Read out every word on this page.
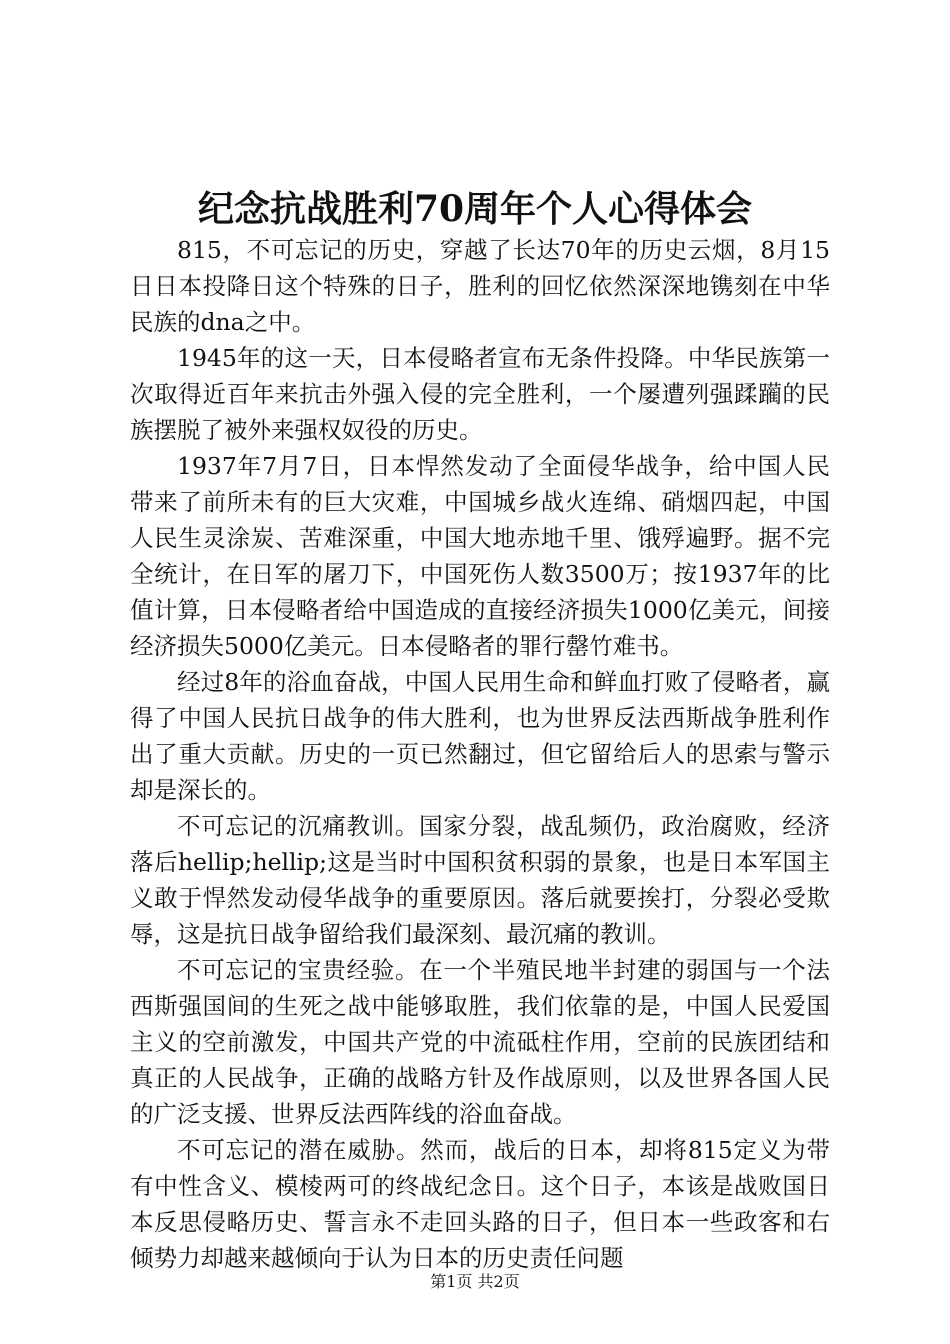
纪念抗战胜利70周年个人心得体会

815，不可忘记的历史，穿越了长达70年的历史云烟，8月15日日本投降日这个特殊的日子，胜利的回忆依然深深地镌刻在中华民族的dna之中。

1945年的这一天，日本侵略者宣布无条件投降。中华民族第一次取得近百年来抗击外强入侵的完全胜利，一个屡遭列强蹂躏的民族摆脱了被外来强权奴役的历史。

1937年7月7日，日本悍然发动了全面侵华战争，给中国人民带来了前所未有的巨大灾难，中国城乡战火连绵、硝烟四起，中国人民生灵涂炭、苦难深重，中国大地赤地千里、饿殍遍野。据不完全统计，在日军的屠刀下，中国死伤人数3500万；按1937年的比值计算，日本侵略者给中国造成的直接经济损失1000亿美元，间接经济损失5000亿美元。日本侵略者的罪行罄竹难书。

经过8年的浴血奋战，中国人民用生命和鲜血打败了侵略者，赢得了中国人民抗日战争的伟大胜利，也为世界反法西斯战争胜利作出了重大贡献。历史的一页已然翻过，但它留给后人的思索与警示却是深长的。

不可忘记的沉痛教训。国家分裂，战乱频仍，政治腐败，经济落后hellip;hellip;这是当时中国积贫积弱的景象，也是日本军国主义敢于悍然发动侵华战争的重要原因。落后就要挨打，分裂必受欺辱，这是抗日战争留给我们最深刻、最沉痛的教训。

不可忘记的宝贵经验。在一个半殖民地半封建的弱国与一个法西斯强国间的生死之战中能够取胜，我们依靠的是，中国人民爱国主义的空前激发，中国共产党的中流砥柱作用，空前的民族团结和真正的人民战争，正确的战略方针及作战原则，以及世界各国人民的广泛支援、世界反法西阵线的浴血奋战。

不可忘记的潜在威胁。然而，战后的日本，却将815定义为带有中性含义、模棱两可的终战纪念日。这个日子，本该是战败国日本反思侵略历史、誓言永不走回头路的日子，但日本一些政客和右倾势力却越来越倾向于认为日本的历史责任问题

第1页 共2页
